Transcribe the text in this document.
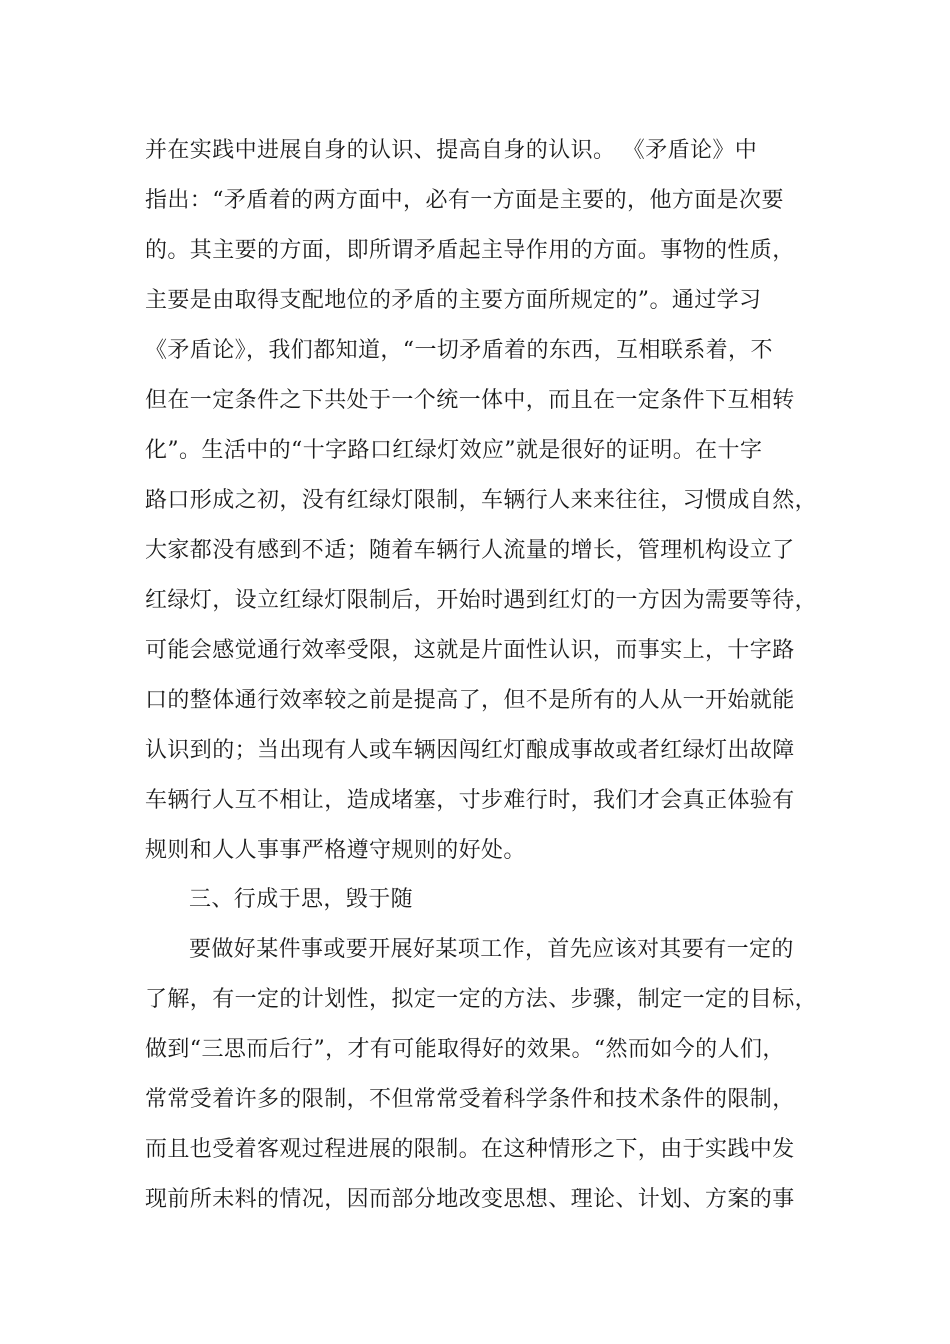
并在实践中进展自身的认识、提高自身的认识。 《矛盾论》中
指出：“矛盾着的两方面中，必有一方面是主要的，他方面是次要
的。其主要的方面，即所谓矛盾起主导作用的方面。事物的性质，
主要是由取得支配地位的矛盾的主要方面所规定的”。通过学习
《矛盾论》，我们都知道，“一切矛盾着的东西，互相联系着，不
但在一定条件之下共处于一个统一体中，而且在一定条件下互相转
化”。生活中的“十字路口红绿灯效应”就是很好的证明。在十字
路口形成之初，没有红绿灯限制，车辆行人来来往往，习惯成自然，
大家都没有感到不适；随着车辆行人流量的增长，管理机构设立了
红绿灯，设立红绿灯限制后，开始时遇到红灯的一方因为需要等待，
可能会感觉通行效率受限，这就是片面性认识，而事实上，十字路
口的整体通行效率较之前是提高了，但不是所有的人从一开始就能
认识到的；当出现有人或车辆因闯红灯酿成事故或者红绿灯出故障
车辆行人互不相让，造成堵塞，寸步难行时，我们才会真正体验有
规则和人人事事严格遵守规则的好处。
三、行成于思，毁于随
要做好某件事或要开展好某项工作，首先应该对其要有一定的
了解，有一定的计划性，拟定一定的方法、步骤，制定一定的目标，
做到“三思而后行”，才有可能取得好的效果。“然而如今的人们，
常常受着许多的限制，不但常常受着科学条件和技术条件的限制，
而且也受着客观过程进展的限制。在这种情形之下，由于实践中发
现前所未料的情况，因而部分地改变思想、理论、计划、方案的事
